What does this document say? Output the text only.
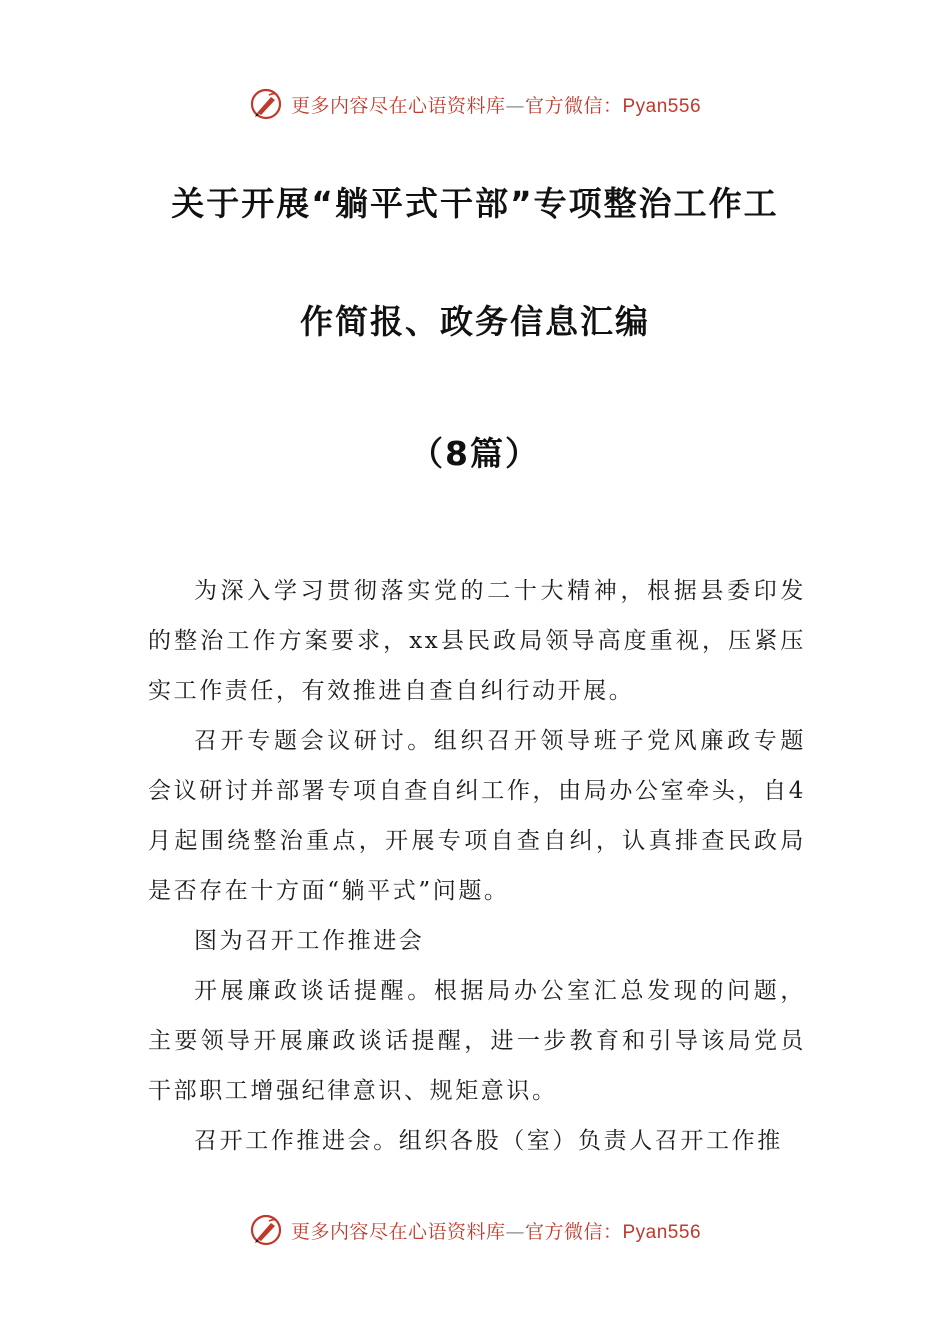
更多内容尽在心语资料库—官方微信：Pyan556
关于开展“躺平式干部”专项整治工作工
作简报、政务信息汇编
（8篇）

为深入学习贯彻落实党的二十大精神，根据县委印发的整治工作方案要求，xx县民政局领导高度重视，压紧压实工作责任，有效推进自查自纠行动开展。

召开专题会议研讨。组织召开领导班子党风廉政专题会议研讨并部署专项自查自纠工作，由局办公室牵头，自4月起围绕整治重点，开展专项自查自纠，认真排查民政局是否存在十方面“躺平式”问题。

图为召开工作推进会

开展廉政谈话提醒。根据局办公室汇总发现的问题，主要领导开展廉政谈话提醒，进一步教育和引导该局党员干部职工增强纪律意识、规矩意识。

召开工作推进会。组织各股（室）负责人召开工作推

更多内容尽在心语资料库—官方微信：Pyan556
